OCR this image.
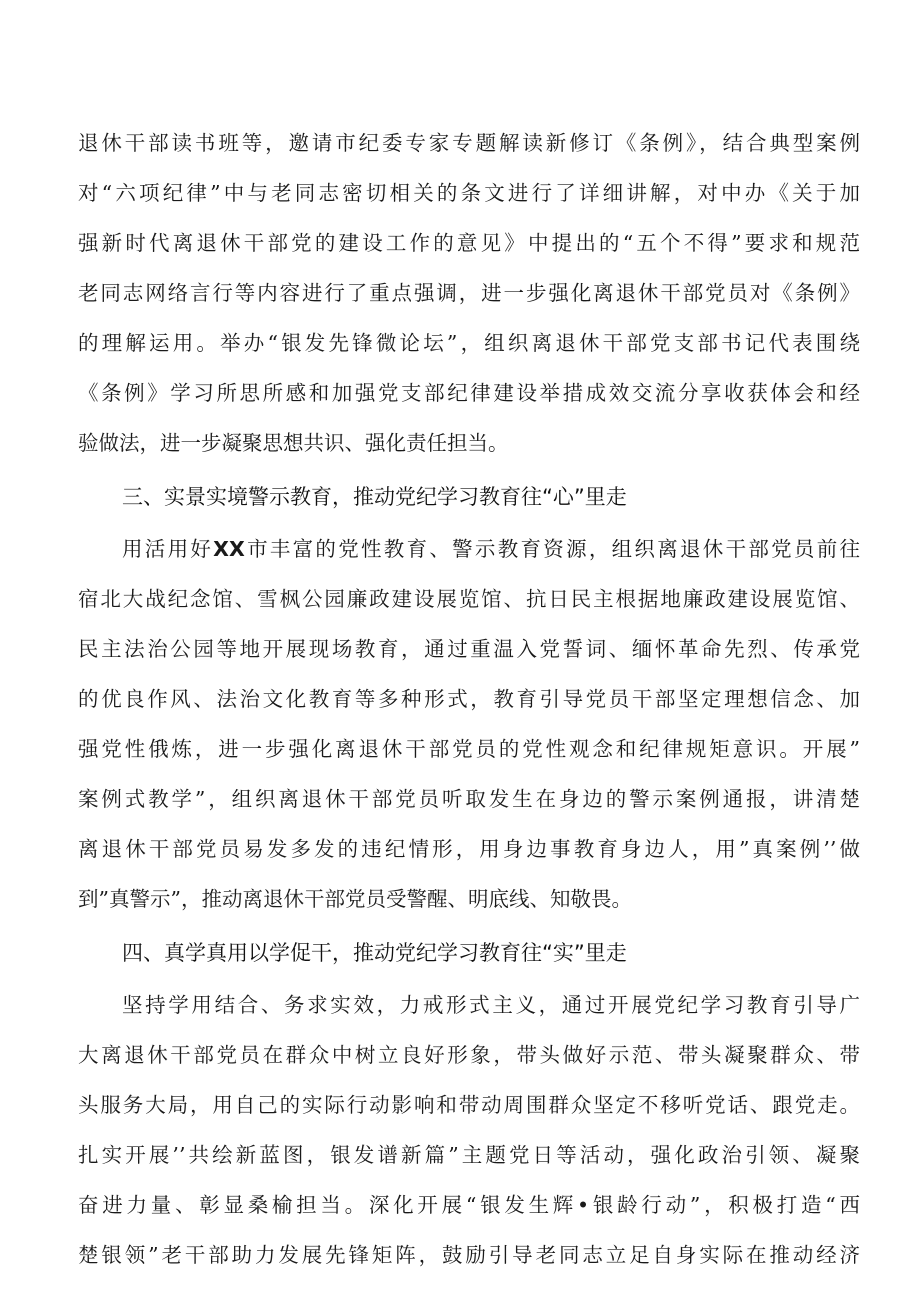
退休干部读书班等，邀请市纪委专家专题解读新修订《条例》，结合典型案例
对“六项纪律”中与老同志密切相关的条文进行了详细讲解，对中办《关于加
强新时代离退休干部党的建设工作的意见》中提出的“五个不得”要求和规范
老同志网络言行等内容进行了重点强调，进一步强化离退休干部党员对《条例》
的理解运用。举办“银发先锋微论坛”，组织离退休干部党支部书记代表围绕
《条例》学习所思所感和加强党支部纪律建设举措成效交流分享收获体会和经
验做法，进一步凝聚思想共识、强化责任担当。
三、实景实境警示教育，推动党纪学习教育往“心”里走
用活用好XX市丰富的党性教育、警示教育资源，组织离退休干部党员前往
宿北大战纪念馆、雪枫公园廉政建设展览馆、抗日民主根据地廉政建设展览馆、
民主法治公园等地开展现场教育，通过重温入党誓词、缅怀革命先烈、传承党
的优良作风、法治文化教育等多种形式，教育引导党员干部坚定理想信念、加
强党性俄炼，进一步强化离退休干部党员的党性观念和纪律规矩意识。开展”
案例式教学”，组织离退休干部党员听取发生在身边的警示案例通报，讲清楚
离退休干部党员易发多发的违纪情形，用身边事教育身边人，用”真案例’’做
到”真警示”，推动离退休干部党员受警醒、明底线、知敬畏。
四、真学真用以学促干，推动党纪学习教育往“实”里走
坚持学用结合、务求实效，力戒形式主义，通过开展党纪学习教育引导广
大离退休干部党员在群众中树立良好形象，带头做好示范、带头凝聚群众、带
头服务大局，用自己的实际行动影响和带动周围群众坚定不移听党话、跟党走。
扎实开展’’共绘新蓝图，银发谱新篇”主题党日等活动，强化政治引领、凝聚
奋进力量、彰显桑榆担当。深化开展“银发生辉•银龄行动”，积极打造“西
楚银领”老干部助力发展先锋矩阵，鼓励引导老同志立足自身实际在推动经济
